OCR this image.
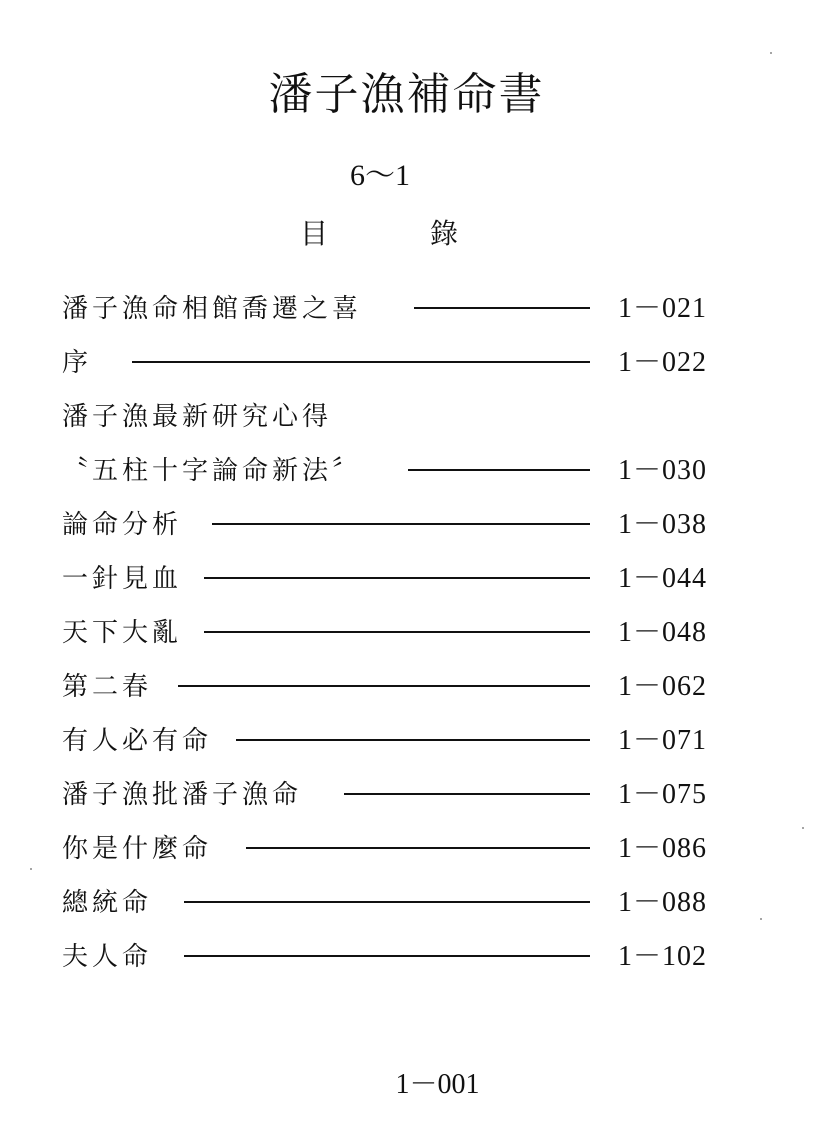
潘子漁補命書
6～1
目	錄
潘子漁命相館喬遷之喜	1－021
序	1－022
潘子漁最新研究心得
〝五柱十字論命新法〞	1－030
論命分析	1－038
一針見血	1－044
天下大亂	1－048
第二春	1－062
有人必有命	1－071
潘子漁批潘子漁命	1－075
你是什麼命	1－086
總統命	1－088
夫人命	1－102
1－001
